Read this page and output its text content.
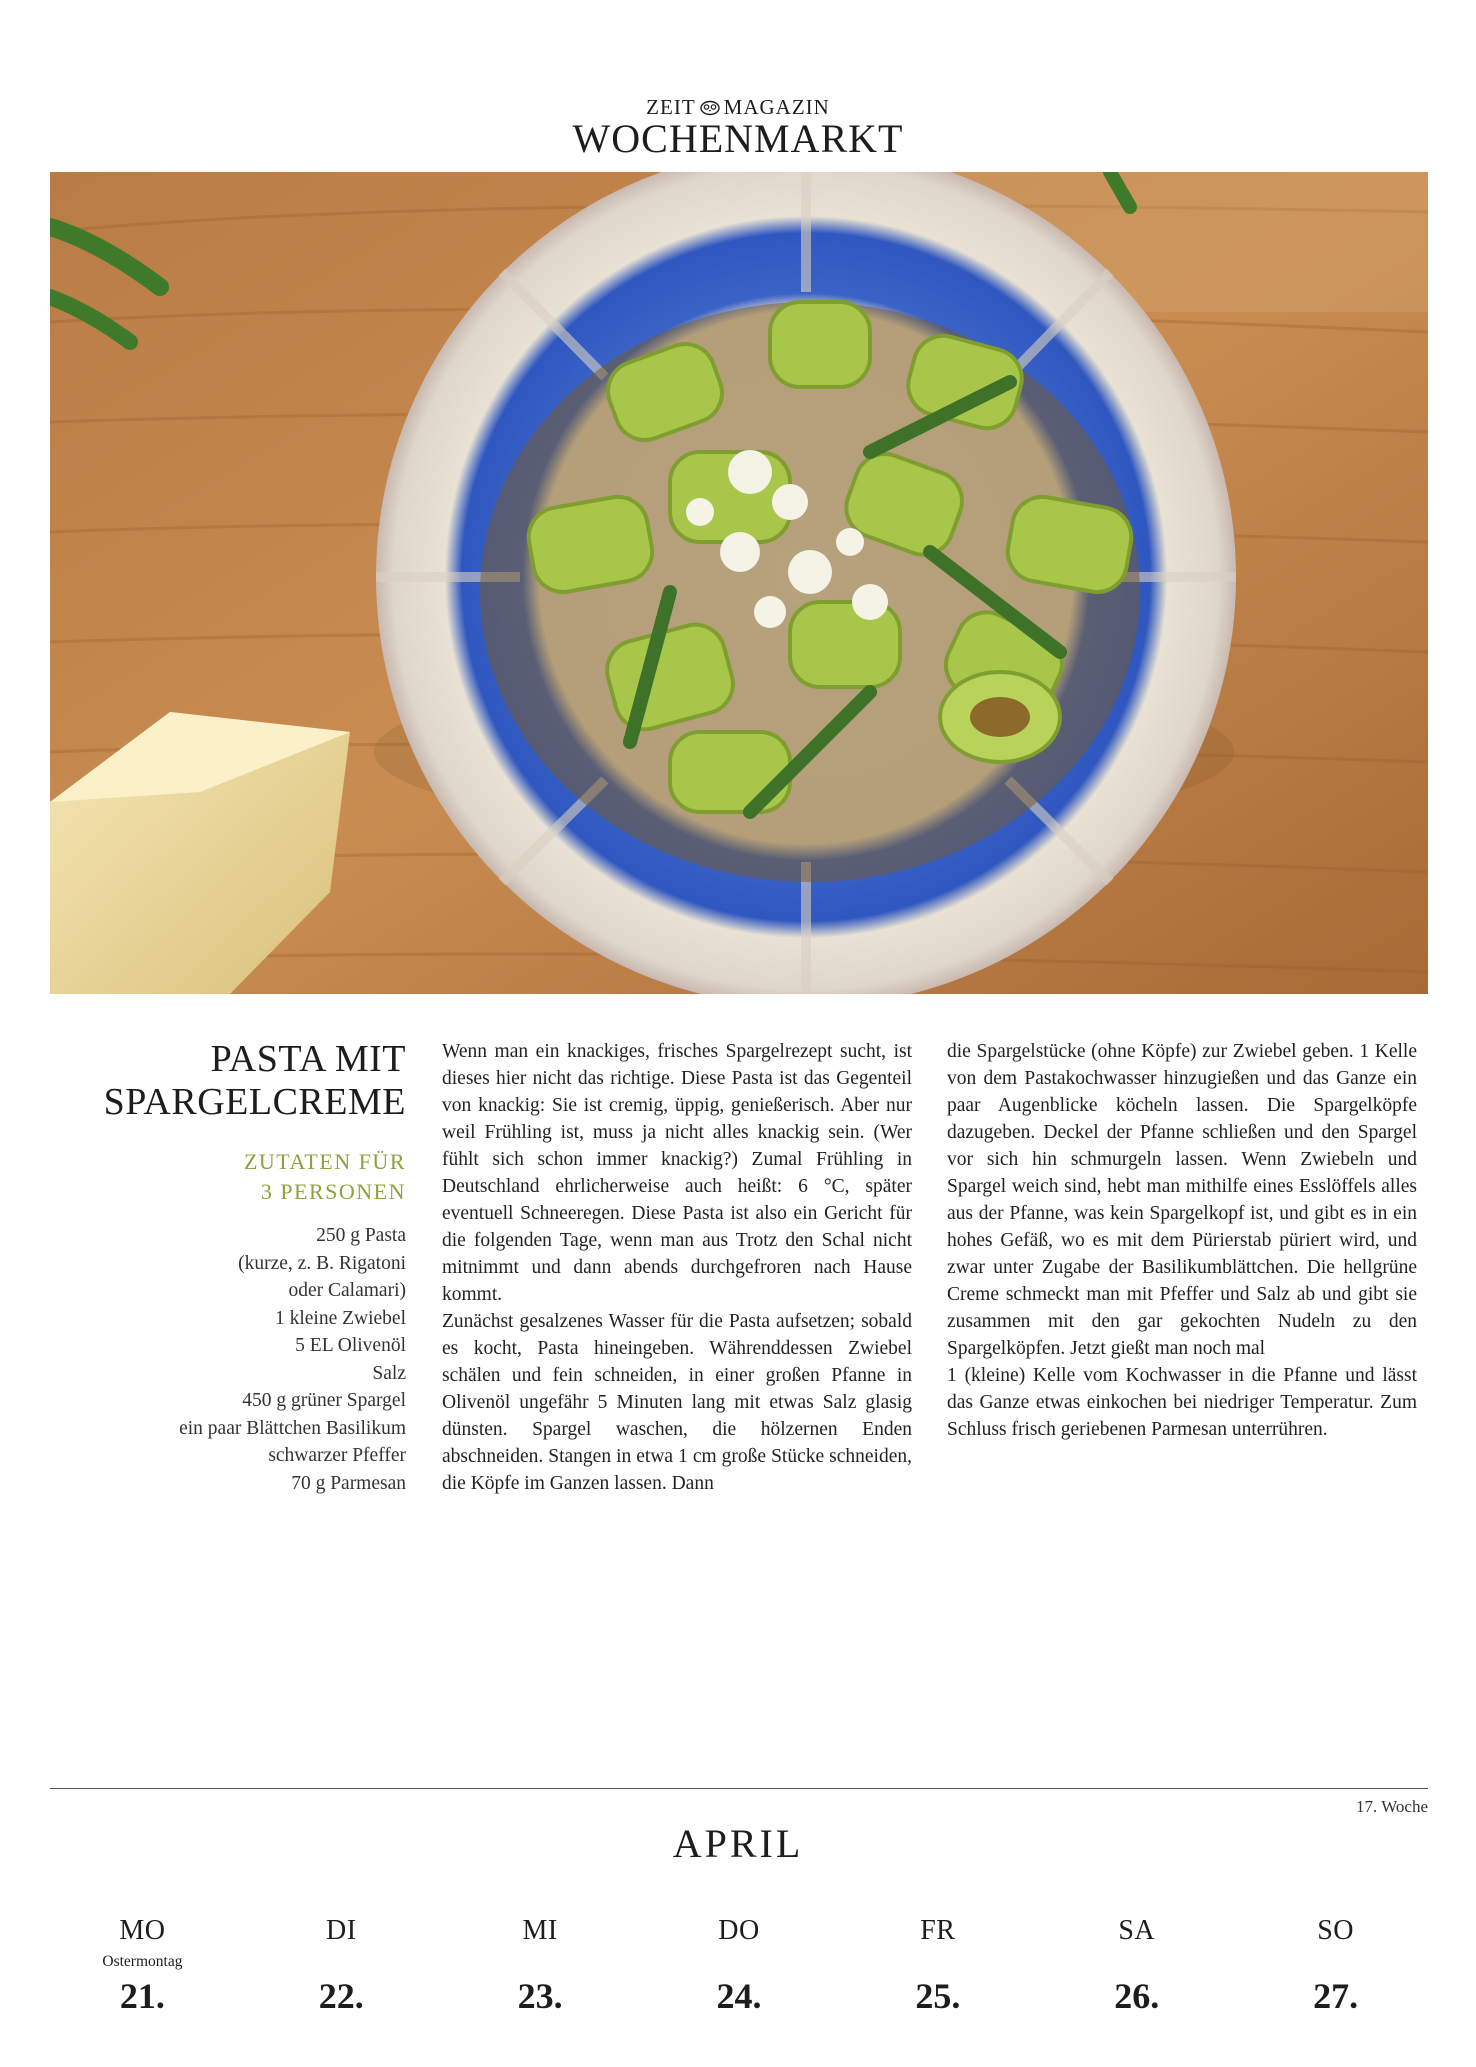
ZEIT MAGAZIN
WOCHENMARKT
PASTA MIT
SPARGELCREME
ZUTATEN FÜR
3 PERSONEN
250 g Pasta
(kurze, z. B. Rigatoni
oder Calamari)
1 kleine Zwiebel
5 EL Olivenöl
Salz
450 g grüner Spargel
ein paar Blättchen Basilikum
schwarzer Pfeffer
70 g Parmesan

Wenn man ein knackiges, frisches Spargelrezept sucht, ist dieses hier nicht das richtige. Diese Pasta ist das Gegenteil von knackig: Sie ist cremig, üppig, genießerisch. Aber nur weil Frühling ist, muss ja nicht alles knackig sein. (Wer fühlt sich schon immer knackig?) Zumal Frühling in Deutschland ehrlicherweise auch heißt: 6 °C, später eventuell Schneeregen. Diese Pasta ist also ein Gericht für die folgenden Tage, wenn man aus Trotz den Schal nicht mitnimmt und dann abends durchgefroren nach Hause kommt.

Zunächst gesalzenes Wasser für die Pasta aufsetzen; sobald es kocht, Pasta hineingeben. Währenddessen Zwiebel schälen und fein schneiden, in einer großen Pfanne in Olivenöl ungefähr 5 Minuten lang mit etwas Salz glasig dünsten. Spargel waschen, die hölzernen Enden abschneiden. Stangen in etwa 1 cm große Stücke schneiden, die Köpfe im Ganzen lassen. Dann

die Spargelstücke (ohne Köpfe) zur Zwiebel geben. 1 Kelle von dem Pastakochwasser hinzugießen und das Ganze ein paar Augenblicke köcheln lassen. Die Spargelköpfe dazugeben. Deckel der Pfanne schließen und den Spargel vor sich hin schmurgeln lassen. Wenn Zwiebeln und Spargel weich sind, hebt man mithilfe eines Esslöffels alles aus der Pfanne, was kein Spargelkopf ist, und gibt es in ein hohes Gefäß, wo es mit dem Pürierstab püriert wird, und zwar unter Zugabe der Basilikumblättchen. Die hellgrüne Creme schmeckt man mit Pfeffer und Salz ab und gibt sie zusammen mit den gar gekochten Nudeln zu den Spargelköpfen. Jetzt gießt man noch mal

1 (kleine) Kelle vom Kochwasser in die Pfanne und lässt das Ganze etwas einkochen bei niedriger Temperatur. Zum Schluss frisch geriebenen Parmesan unterrühren.

17. Woche
APRIL
MO
Ostermontag
21.
DI
22.
MI
23.
DO
24.
FR
25.
SA
26.
SO
27.
